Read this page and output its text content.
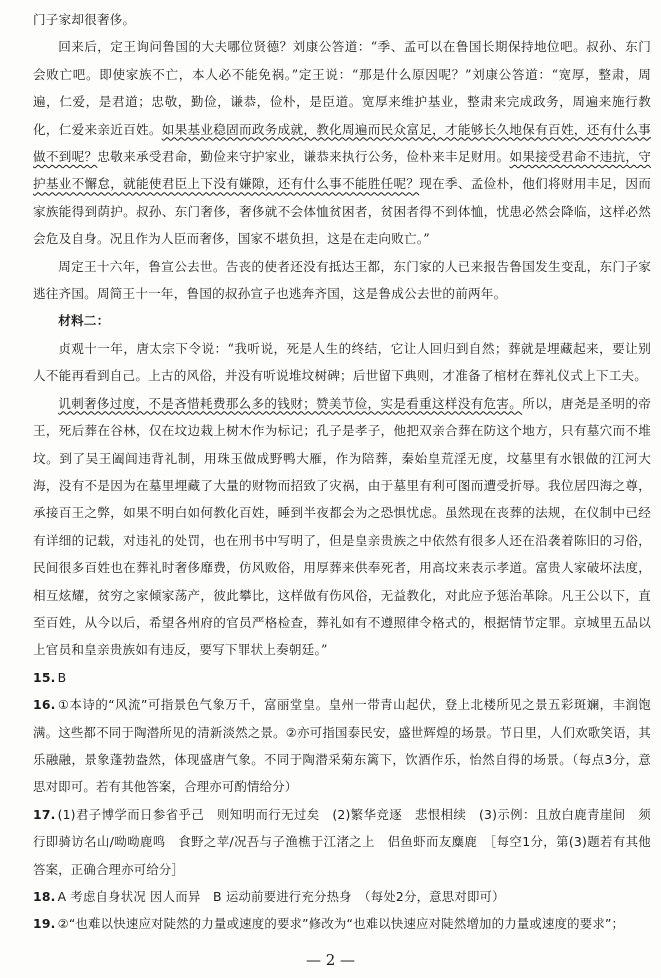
门子家却很奢侈。

回来后，定王询问鲁国的大夫哪位贤德？刘康公答道：“季、孟可以在鲁国长期保持地位吧。叔孙、东门会败亡吧。即使家族不亡，本人必不能免祸。”定王说：“那是什么原因呢？”刘康公答道：“宽厚，整肃，周遍，仁爱，是君道；忠敬，勤俭，谦恭，俭朴，是臣道。宽厚来维护基业，整肃来完成政务，周遍来施行教化，仁爱来亲近百姓。如果基业稳固而政务成就，教化周遍而民众富足，才能够长久地保有百姓，还有什么事做不到呢？忠敬来承受君命，勤俭来守护家业，谦恭来执行公务，俭朴来丰足财用。如果接受君命不违抗，守护基业不懈怠，就能使君臣上下没有嫌隙，还有什么事不能胜任呢？现在季、孟俭朴，他们将财用丰足，因而家族能得到荫护。叔孙、东门奢侈，奢侈就不会体恤贫困者，贫困者得不到体恤，忧患必然会降临，这样必然会危及自身。况且作为人臣而奢侈，国家不堪负担，这是在走向败亡。”

周定王十六年，鲁宣公去世。告丧的使者还没有抵达王都，东门家的人已来报告鲁国发生变乱，东门子家逃往齐国。周简王十一年，鲁国的叔孙宣子也逃奔齐国，这是鲁成公去世的前两年。

材料二：

贞观十一年，唐太宗下令说：“我听说，死是人生的终结，它让人回归到自然；葬就是埋藏起来，要让别人不能再看到自己。上古的风俗，并没有听说堆坟树碑；后世留下典则，才准备了棺材在葬礼仪式上下工夫。

讥刺奢侈过度，不是吝惜耗费那么多的钱财；赞美节俭，实是看重这样没有危害。所以，唐尧是圣明的帝王，死后葬在谷林，仅在坟边栽上树木作为标记；孔子是孝子，他把双亲合葬在防这个地方，只有墓穴而不堆坟。到了吴王阖闾违背礼制，用珠玉做成野鸭大雁，作为陪葬，秦始皇荒淫无度，坟墓里有水银做的江河大海，没有不是因为在墓里埋藏了大量的财物而招致了灾祸，由于墓里有利可图而遭受折辱。我位居四海之尊，承接百王之弊，如果不明白如何教化百姓，睡到半夜都会为之恐惧忧虑。虽然现在丧葬的法规，在仪制中已经有详细的记载，对违礼的处罚，也在刑书中写明了，但是皇亲贵族之中依然有很多人还在沿袭着陈旧的习俗，民间很多百姓也在葬礼时奢侈靡费，仿风败俗，用厚葬来供奉死者，用高坟来表示孝道。富贵人家破坏法度，相互炫耀，贫穷之家倾家荡产，彼此攀比，这样做有伤风俗，无益教化，对此应予惩治革除。凡王公以下，直至百姓，从今以后，希望各州府的官员严格检查，葬礼如有不遵照律令格式的，根据情节定罪。京城里五品以上官员和皇亲贵族如有违反，要写下罪状上奏朝廷。”

15. B

16. ①本诗的“风流”可指景色气象万千，富丽堂皇。皇州一带青山起伏，登上北楼所见之景五彩斑斓，丰润饱满。这些都不同于陶潜所见的清新淡然之景。②亦可指国泰民安，盛世辉煌的场景。节日里，人们欢歌笑语，其乐融融，景象蓬勃盎然，体现盛唐气象。不同于陶潜采菊东篱下，饮酒作乐，怡然自得的场景。（每点3分，意思对即可。若有其他答案，合理亦可酌情给分）

17. (1)君子博学而日参省乎己　则知明而行无过矣　(2)繁华竞逐　悲恨相续　(3)示例：且放白鹿青崖间　须行即骑访名山/呦呦鹿鸣　食野之苹/况吾与子渔樵于江渚之上　侣鱼虾而友麋鹿　［每空1分，第(3)题若有其他答案，正确合理亦可给分］

18. A 考虑自身状况 因人而异　B 运动前要进行充分热身　（每处2分，意思对即可）

19. ②“也难以快速应对陡然的力量或速度的要求”修改为“也难以快速应对陡然增加的力量或速度的要求”；

— 2 —
